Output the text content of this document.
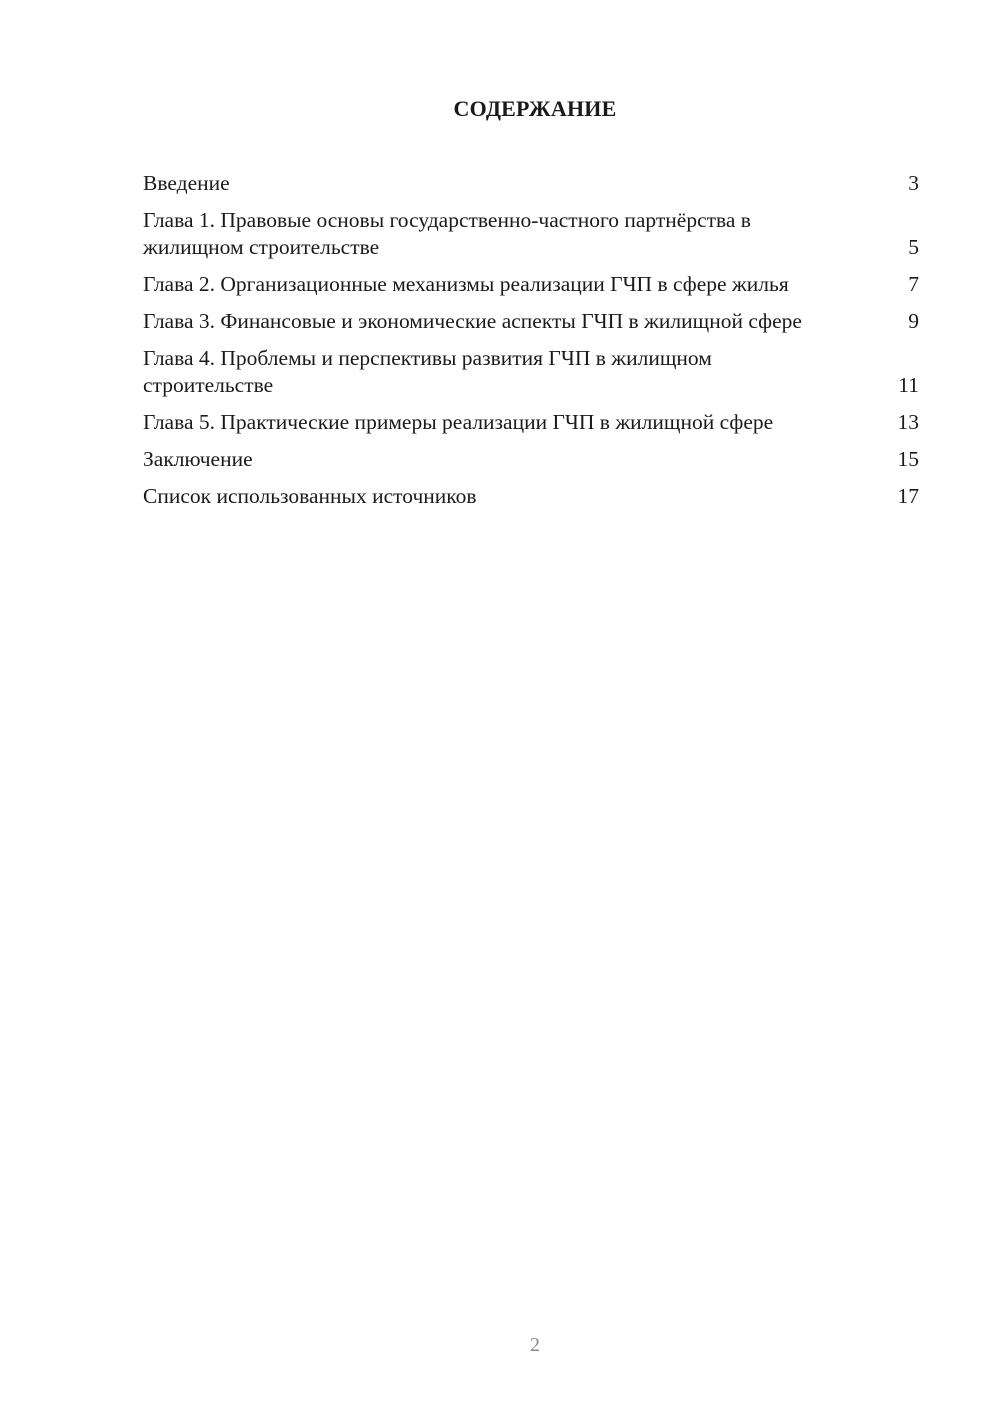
СОДЕРЖАНИЕ
Введение	3
Глава 1. Правовые основы государственно-частного партнёрства в жилищном строительстве	5
Глава 2. Организационные механизмы реализации ГЧП в сфере жилья	7
Глава 3. Финансовые и экономические аспекты ГЧП в жилищной сфере	9
Глава 4. Проблемы и перспективы развития ГЧП в жилищном строительстве	11
Глава 5. Практические примеры реализации ГЧП в жилищной сфере	13
Заключение	15
Список использованных источников	17
2
